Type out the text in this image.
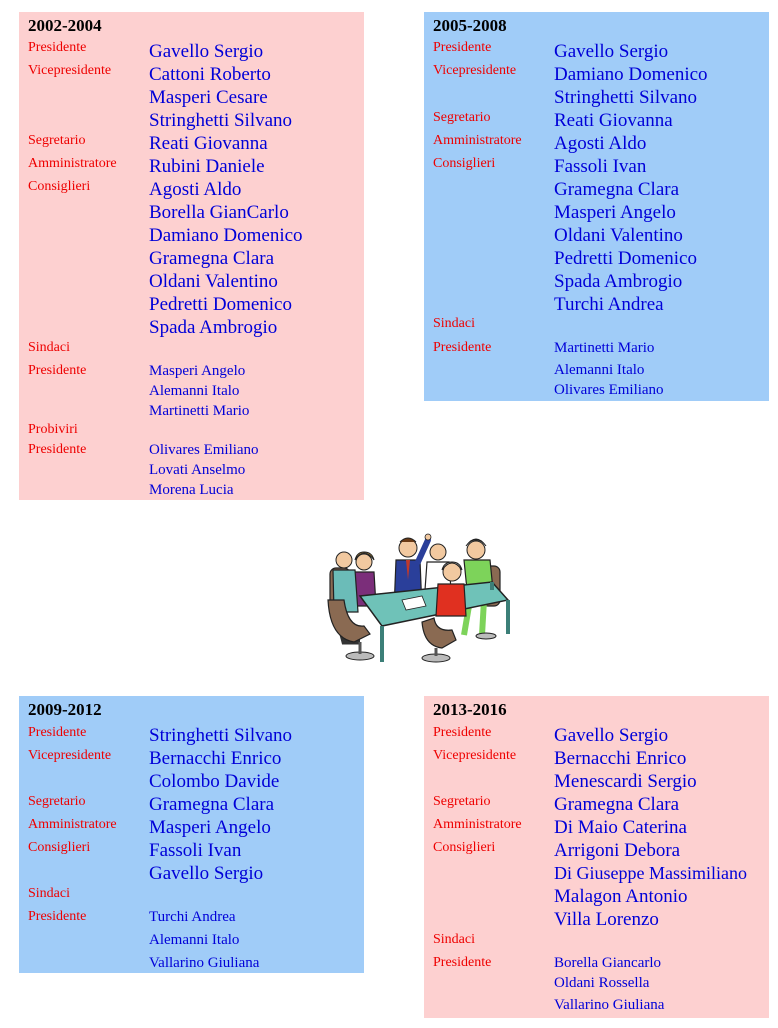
2002-2004
Presidente
Vicepresidente
Segretario
Amministratore
Consiglieri
Sindaci
Presidente
Probiviri
Presidente
Gavello Sergio
Cattoni Roberto
Masperi Cesare
Stringhetti Silvano
Reati Giovanna
Rubini Daniele
Agosti Aldo
Borella GianCarlo
Damiano Domenico
Gramegna Clara
Oldani Valentino
Pedretti Domenico
Spada Ambrogio
Masperi Angelo
Alemanni Italo
Martinetti Mario
Olivares Emiliano
Lovati Anselmo
Morena Lucia
2005-2008
Presidente
Vicepresidente
Segretario
Amministratore
Consiglieri
Sindaci
Presidente
Gavello Sergio
Damiano Domenico
Stringhetti Silvano
Reati Giovanna
Agosti Aldo
Fassoli Ivan
Gramegna Clara
Masperi Angelo
Oldani Valentino
Pedretti Domenico
Spada Ambrogio
Turchi Andrea
Martinetti Mario
Alemanni Italo
Olivares Emiliano
2009-2012
Presidente
Vicepresidente
Segretario
Amministratore
Consiglieri
Sindaci
Presidente
Stringhetti Silvano
Bernacchi Enrico
Colombo Davide
Gramegna Clara
Masperi Angelo
Fassoli Ivan
Gavello Sergio
Turchi Andrea
Alemanni Italo
Vallarino Giuliana
2013-2016
Presidente
Vicepresidente
Segretario
Amministratore
Consiglieri
Sindaci
Presidente
Gavello Sergio
Bernacchi Enrico
Menescardi Sergio
Gramegna Clara
Di Maio Caterina
Arrigoni Debora
Di Giuseppe Massimiliano
Malagon Antonio
Villa Lorenzo
Borella Giancarlo
Oldani Rossella
Vallarino Giuliana
